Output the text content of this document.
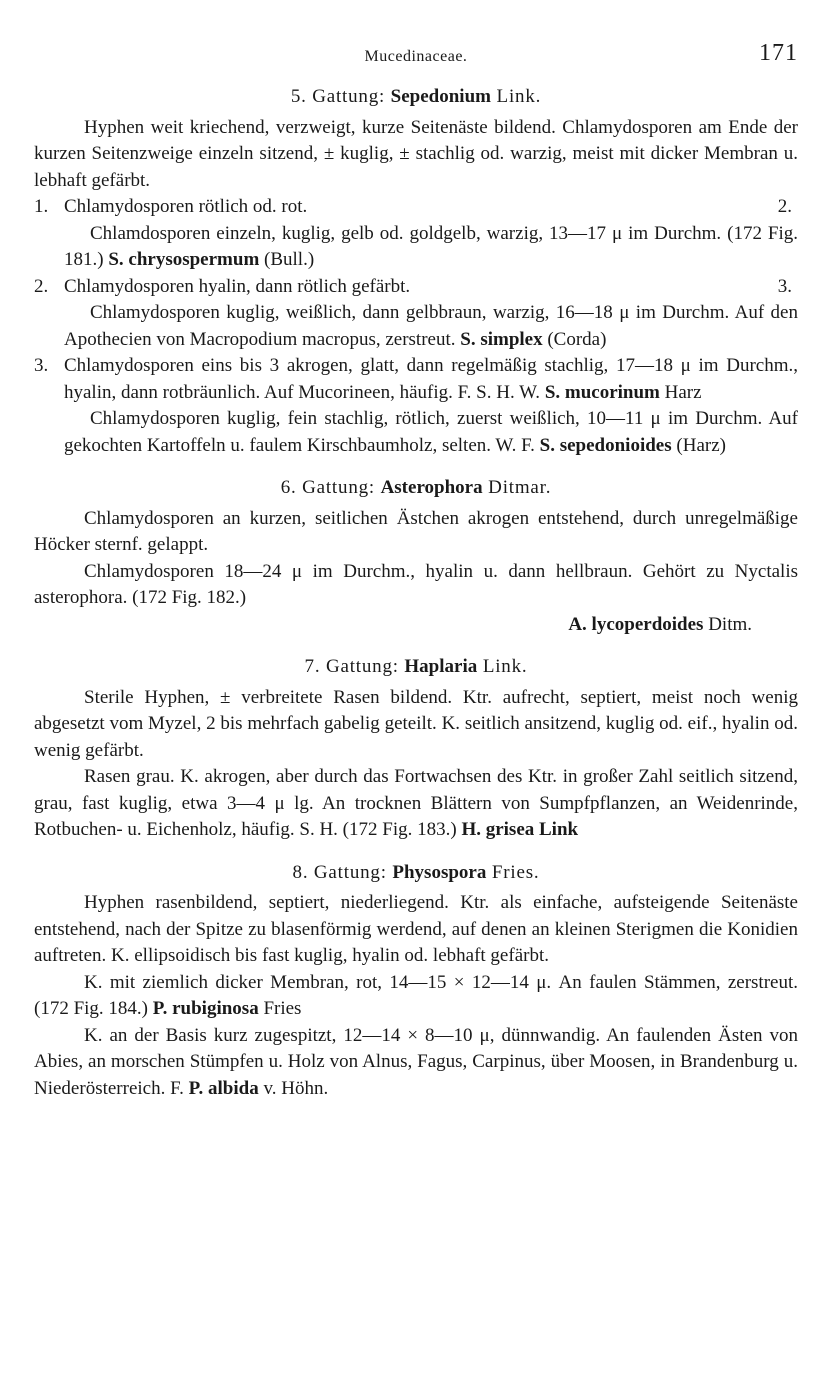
Mucedinaceae.	171
5. Gattung: Sepedonium Link.
Hyphen weit kriechend, verzweigt, kurze Seitenäste bildend. Chlamydosporen am Ende der kurzen Seitenzweige einzeln sitzend, ± kuglig, ± stachlig od. warzig, meist mit dicker Membran u. lebhaft gefärbt.
1. Chlamydosporen rötlich od. rot.	2.
Chlamdosporen einzeln, kuglig, gelb od. goldgelb, warzig, 13—17 μ im Durchm. (172 Fig. 181.) S. chrysospermum (Bull.)
2. Chlamydosporen hyalin, dann rötlich gefärbt.	3.
Chlamydosporen kuglig, weißlich, dann gelbbraun, warzig, 16—18 μ im Durchm. Auf den Apothecien von Macropodium macropus, zerstreut. S. simplex (Corda)
3. Chlamydosporen eins bis 3 akrogen, glatt, dann regelmäßig stachlig, 17—18 μ im Durchm., hyalin, dann rotbräunlich. Auf Mucorineen, häufig. F. S. H. W. S. mucorinum Harz
Chlamydosporen kuglig, fein stachlig, rötlich, zuerst weißlich, 10—11 μ im Durchm. Auf gekochten Kartoffeln u. faulem Kirschbaumholz, selten. W. F. S. sepedonioides (Harz)
6. Gattung: Asterophora Ditmar.
Chlamydosporen an kurzen, seitlichen Ästchen akrogen entstehend, durch unregelmäßige Höcker sternf. gelappt.
Chlamydosporen 18—24 μ im Durchm., hyalin u. dann hellbraun. Gehört zu Nyctalis asterophora. (172 Fig. 182.)
A. lycoperdoides Ditm.
7. Gattung: Haplaria Link.
Sterile Hyphen, ± verbreitete Rasen bildend. Ktr. aufrecht, septiert, meist noch wenig abgesetzt vom Myzel, 2 bis mehrfach gabelig geteilt. K. seitlich ansitzend, kuglig od. eif., hyalin od. wenig gefärbt.
Rasen grau. K. akrogen, aber durch das Fortwachsen des Ktr. in großer Zahl seitlich sitzend, grau, fast kuglig, etwa 3—4 μ lg. An trocknen Blättern von Sumpfpflanzen, an Weidenrinde, Rotbuchen- u. Eichenholz, häufig. S. H. (172 Fig. 183.) H. grisea Link
8. Gattung: Physospora Fries.
Hyphen rasenbildend, septiert, niederliegend. Ktr. als einfache, aufsteigende Seitenäste entstehend, nach der Spitze zu blasenförmig werdend, auf denen an kleinen Sterigmen die Konidien auftreten. K. ellipsoidisch bis fast kuglig, hyalin od. lebhaft gefärbt.
K. mit ziemlich dicker Membran, rot, 14—15 × 12—14 μ. An faulen Stämmen, zerstreut. (172 Fig. 184.) P. rubiginosa Fries
K. an der Basis kurz zugespitzt, 12—14 × 8—10 μ, dünnwandig. An faulenden Ästen von Abies, an morschen Stümpfen u. Holz von Alnus, Fagus, Carpinus, über Moosen, in Brandenburg u. Niederösterreich. F. P. albida v. Höhn.
